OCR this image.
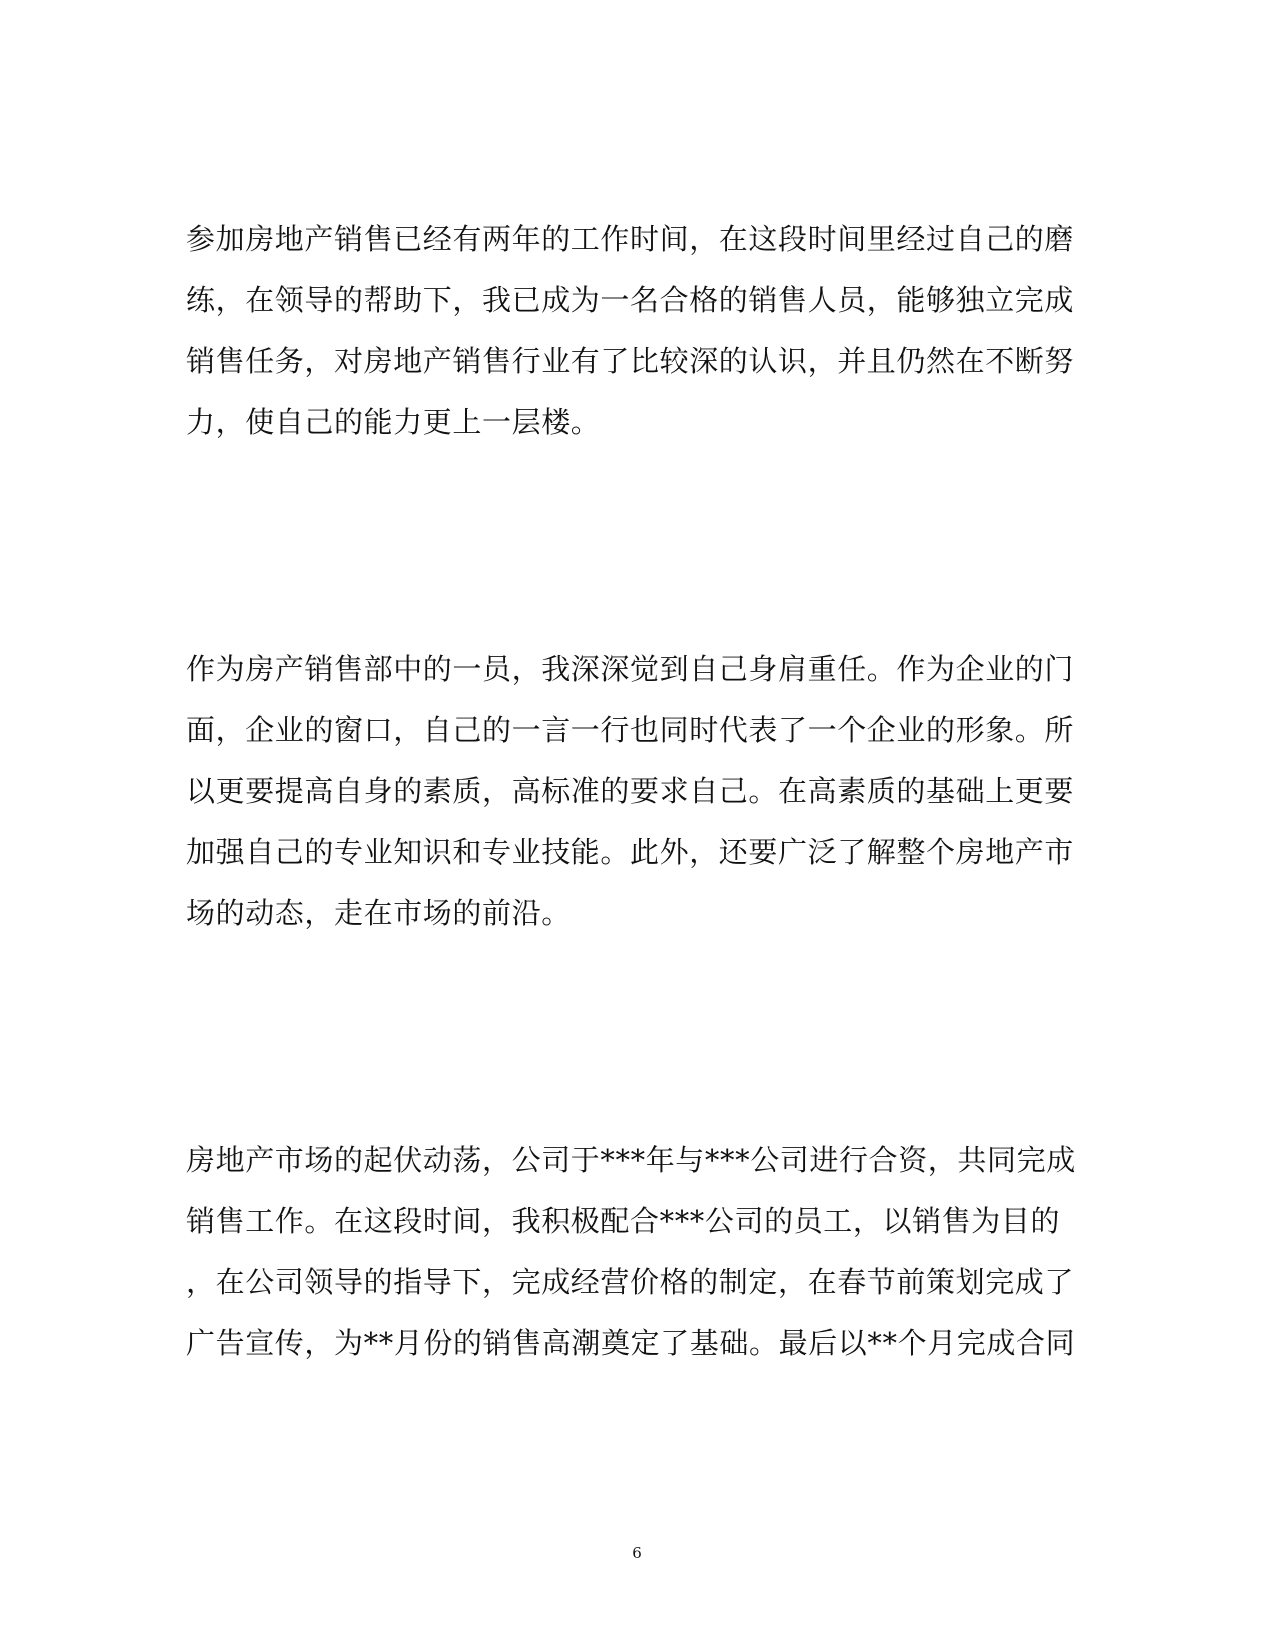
参加房地产销售已经有两年的工作时间，在这段时间里经过自己的磨
练，在领导的帮助下，我已成为一名合格的销售人员，能够独立完成
销售任务，对房地产销售行业有了比较深的认识，并且仍然在不断努
力，使自己的能力更上一层楼。
作为房产销售部中的一员，我深深觉到自己身肩重任。作为企业的门
面，企业的窗口，自己的一言一行也同时代表了一个企业的形象。所
以更要提高自身的素质，高标准的要求自己。在高素质的基础上更要
加强自己的专业知识和专业技能。此外，还要广泛了解整个房地产市
场的动态，走在市场的前沿。
房地产市场的起伏动荡，公司于***年与***公司进行合资，共同完成
销售工作。在这段时间，我积极配合***公司的员工，以销售为目的
，在公司领导的指导下，完成经营价格的制定，在春节前策划完成了
广告宣传，为**月份的销售高潮奠定了基础。最后以**个月完成合同
6
